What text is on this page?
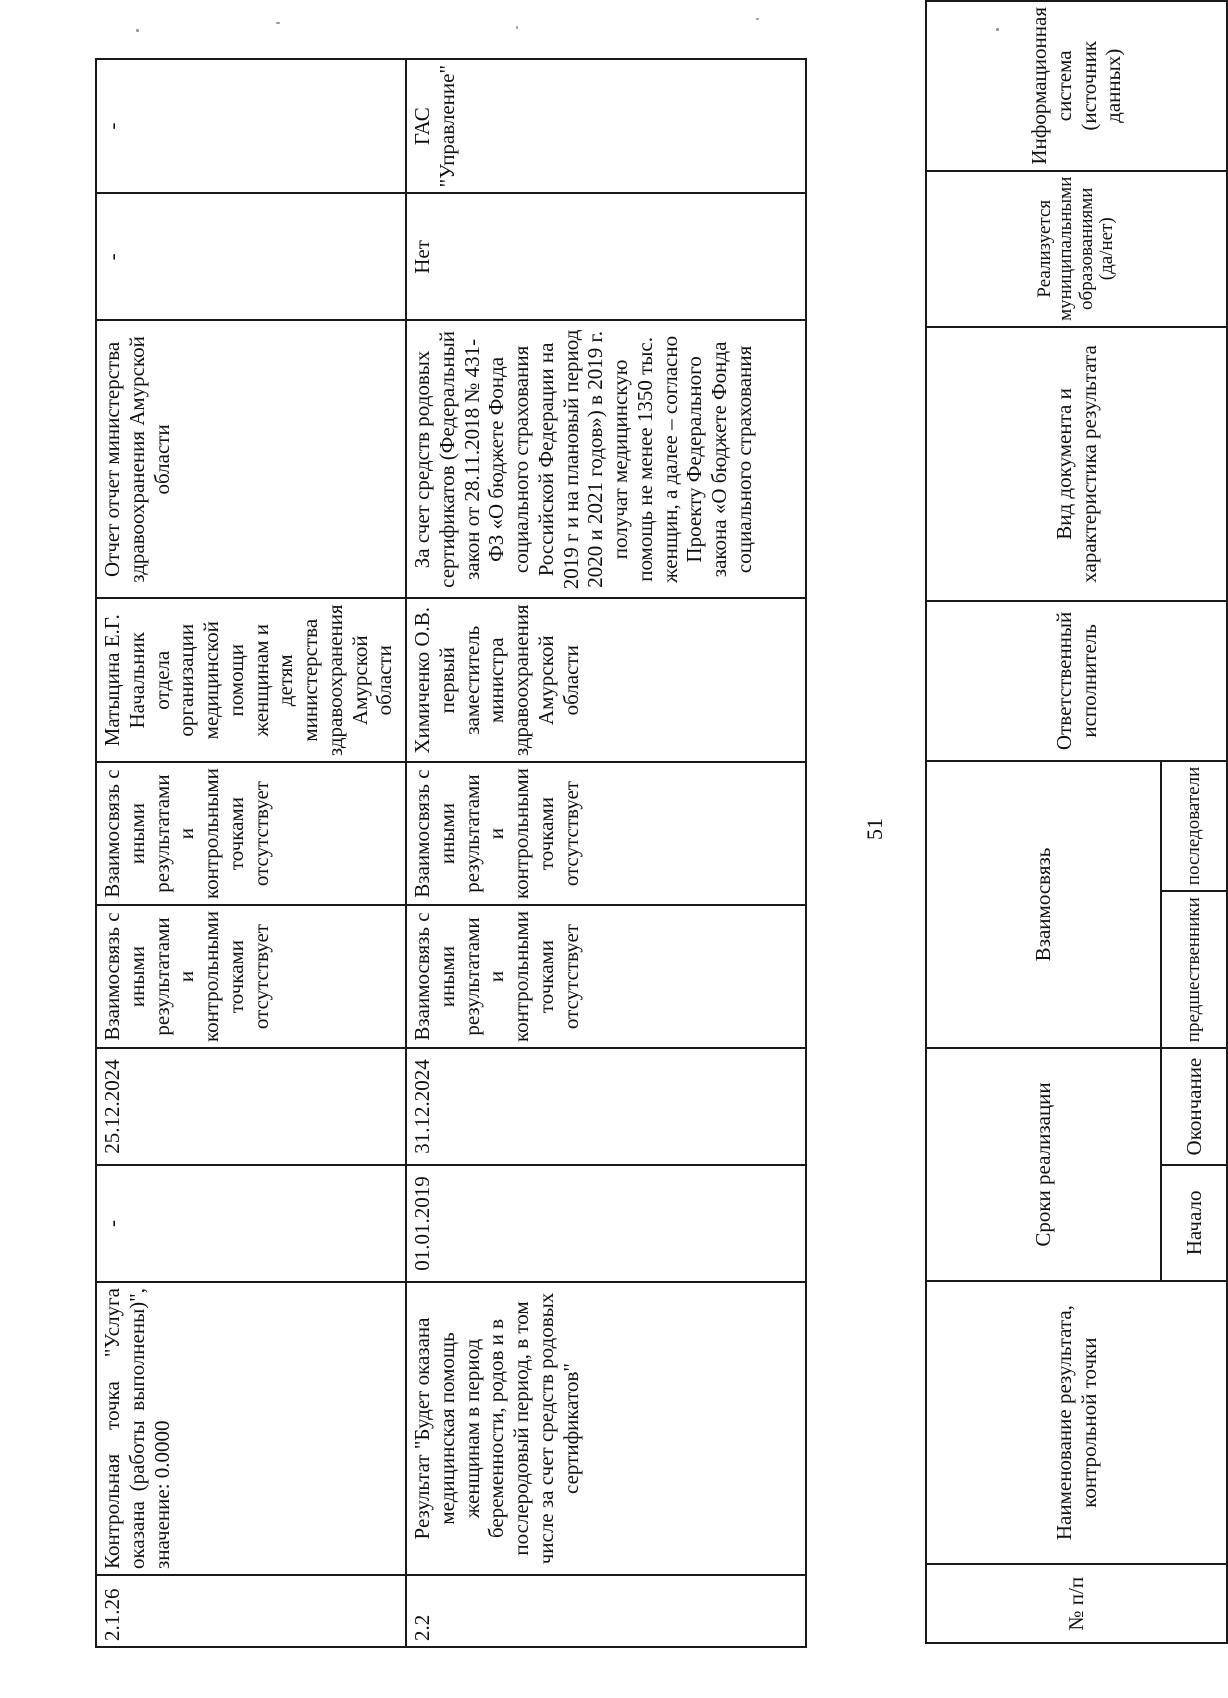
2.1.26	Контрольная точка "Услуга оказана (работы выполнены)", значение: 0.0000	-	25.12.2024	Взаимосвязь с иными результатами и контрольными точками отсутствует	Взаимосвязь с иными результатами и контрольными точками отсутствует	Матыцина Е.Г. Начальник отдела организации медицинской помощи женщинам и детям министерства здравоохранения Амурской области	Отчет отчет министерства здравоохранения Амурской области	-	-
2.2	Результат "Будет оказана медицинская помощь женщинам в период беременности, родов и в послеродовый период, в том числе за счет средств родовых сертификатов"	01.01.2019	31.12.2024	Взаимосвязь с иными результатами и контрольными точками отсутствует	Взаимосвязь с иными результатами и контрольными точками отсутствует	Химиченко О.В. первый заместитель министра здравоохранения Амурской области	За счет средств родовых сертификатов (Федеральный закон от 28.11.2018 № 431-ФЗ «О бюджете Фонда социального страхования Российской Федерации на 2019 г и на плановый период 2020 и 2021 годов») в 2019 г. получат медицинскую помощь не менее 1350 тыс. женщин, а далее – согласно Проекту Федерального закона «О бюджете Фонда социального страхования	Нет	ГАС "Управление"
51
№ п/п	Наименование результата, контрольной точки	Сроки реализации		Взаимосвязь		Ответственный исполнитель	Вид документа и характеристика результата	Реализуется муниципальными образованиями (да/нет)	Информационная система (источник данных)
		Начало	Окончание	предшественники	последователи				
